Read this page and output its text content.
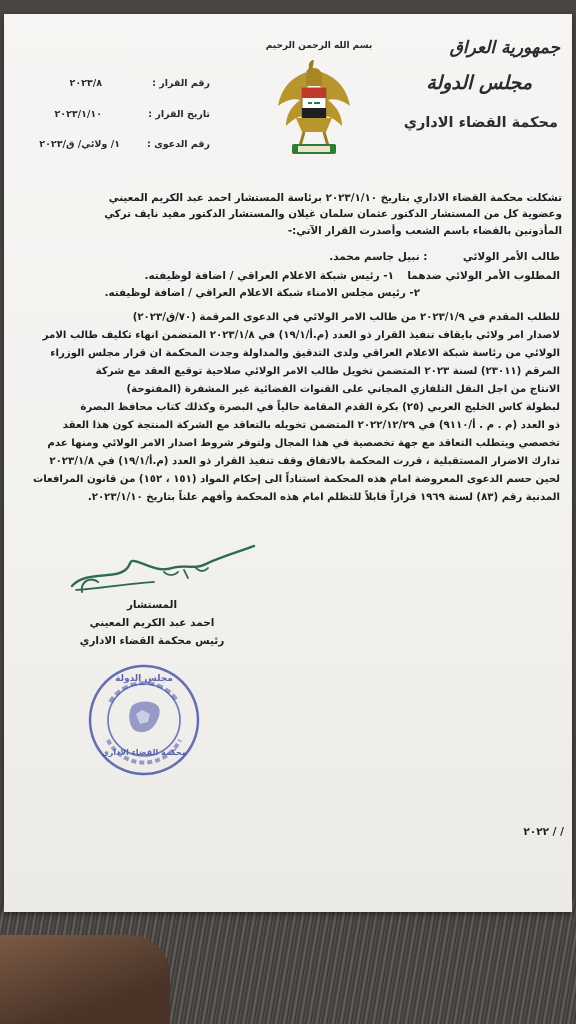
بسم الله الرحمن الرحيم	جمهورية العراق
مجلس الدولة
محكمة القضاء الاداري
رقم القرار :
٢٠٢٣/٨
تاريخ القرار :
٢٠٢٣/١/١٠
رقم الدعوى :
١/ ولائي/ ق/٢٠٢٣
تشكلت محكمة القضاء الاداري بتاريخ ٢٠٢٣/١/١٠ برئاسة المستشار احمد عبد الكريم المعيني
وعضوية كل من المستشار الدكتور عثمان سلمان غيلان والمستشار الدكتور مفيد نايف تركي
المأذونين بالقضاء باسم الشعب وأصدرت القرار الآتي:-
طالب الأمر الولائي  : نبيل جاسم محمد.
المطلوب الأمر الولائي ضدهما  ١- رئيس شبكة الاعلام العراقي / اضافة لوظيفته.
٢- رئيس مجلس الامناء شبكة الاعلام العراقي / اضافة لوظيفته.
للطلب المقدم في ٢٠٢٣/١/٩ من طالب الامر الولائي في الدعوى المرقمة (٧٠/ق/٢٠٢٣)
لاصدار امر ولائي بايقاف تنفيذ القرار ذو العدد (م.أ/١٩/١) في ٢٠٢٣/١/٨ المتضمن انهاء تكليف طالب الامر
الولائي من رئاسة شبكة الاعلام العراقي ولدى التدقيق والمداولة وجدت المحكمة ان قرار مجلس الوزراء
المرقم (٢٣٠١١) لسنة ٢٠٢٣ المتضمن تخويل طالب الامر الولائي صلاحية توقيع العقد مع شركة
الانتاج من اجل النقل التلفازي المجاني على القنوات الفضائية غير المشفرة (المفتوحة)
لبطولة كاس الخليج العربي (٢٥) بكرة القدم المقامة حالياً في البصرة وكذلك كتاب محافظ البصرة
ذو العدد (م . م . أ/٩١١٠) في ٢٠٢٢/١٢/٢٩ المتضمن تخويله بالتعاقد مع الشركة المنتجة كون هذا العقد
تخصصي ويتطلب التعاقد مع جهة تخصصية في هذا المجال ولتوفر شروط اصدار الامر الولائي ومنها عدم
تدارك الاضرار المستقبلية ، قررت المحكمة بالاتفاق وقف تنفيذ القرار ذو العدد (م.أ/١٩/١) في ٢٠٢٣/١/٨
لحين حسم الدعوى المعروضة امام هذه المحكمة استناداً الى إحكام المواد (١٥١ ، ١٥٢) من قانون المرافعات
المدنية رقم (٨٣) لسنة ١٩٦٩ قراراً قابلاً للتظلم امام هذه المحكمة وأفهم علناً بتاريخ ٢٠٢٣/١/١٠.
المستشار
احمد عبد الكريم المعيني
رئيس محكمة القضاء الاداري
مجلس الدولة
محكمة القضاء الاداري
/ / ٢٠٢٢
